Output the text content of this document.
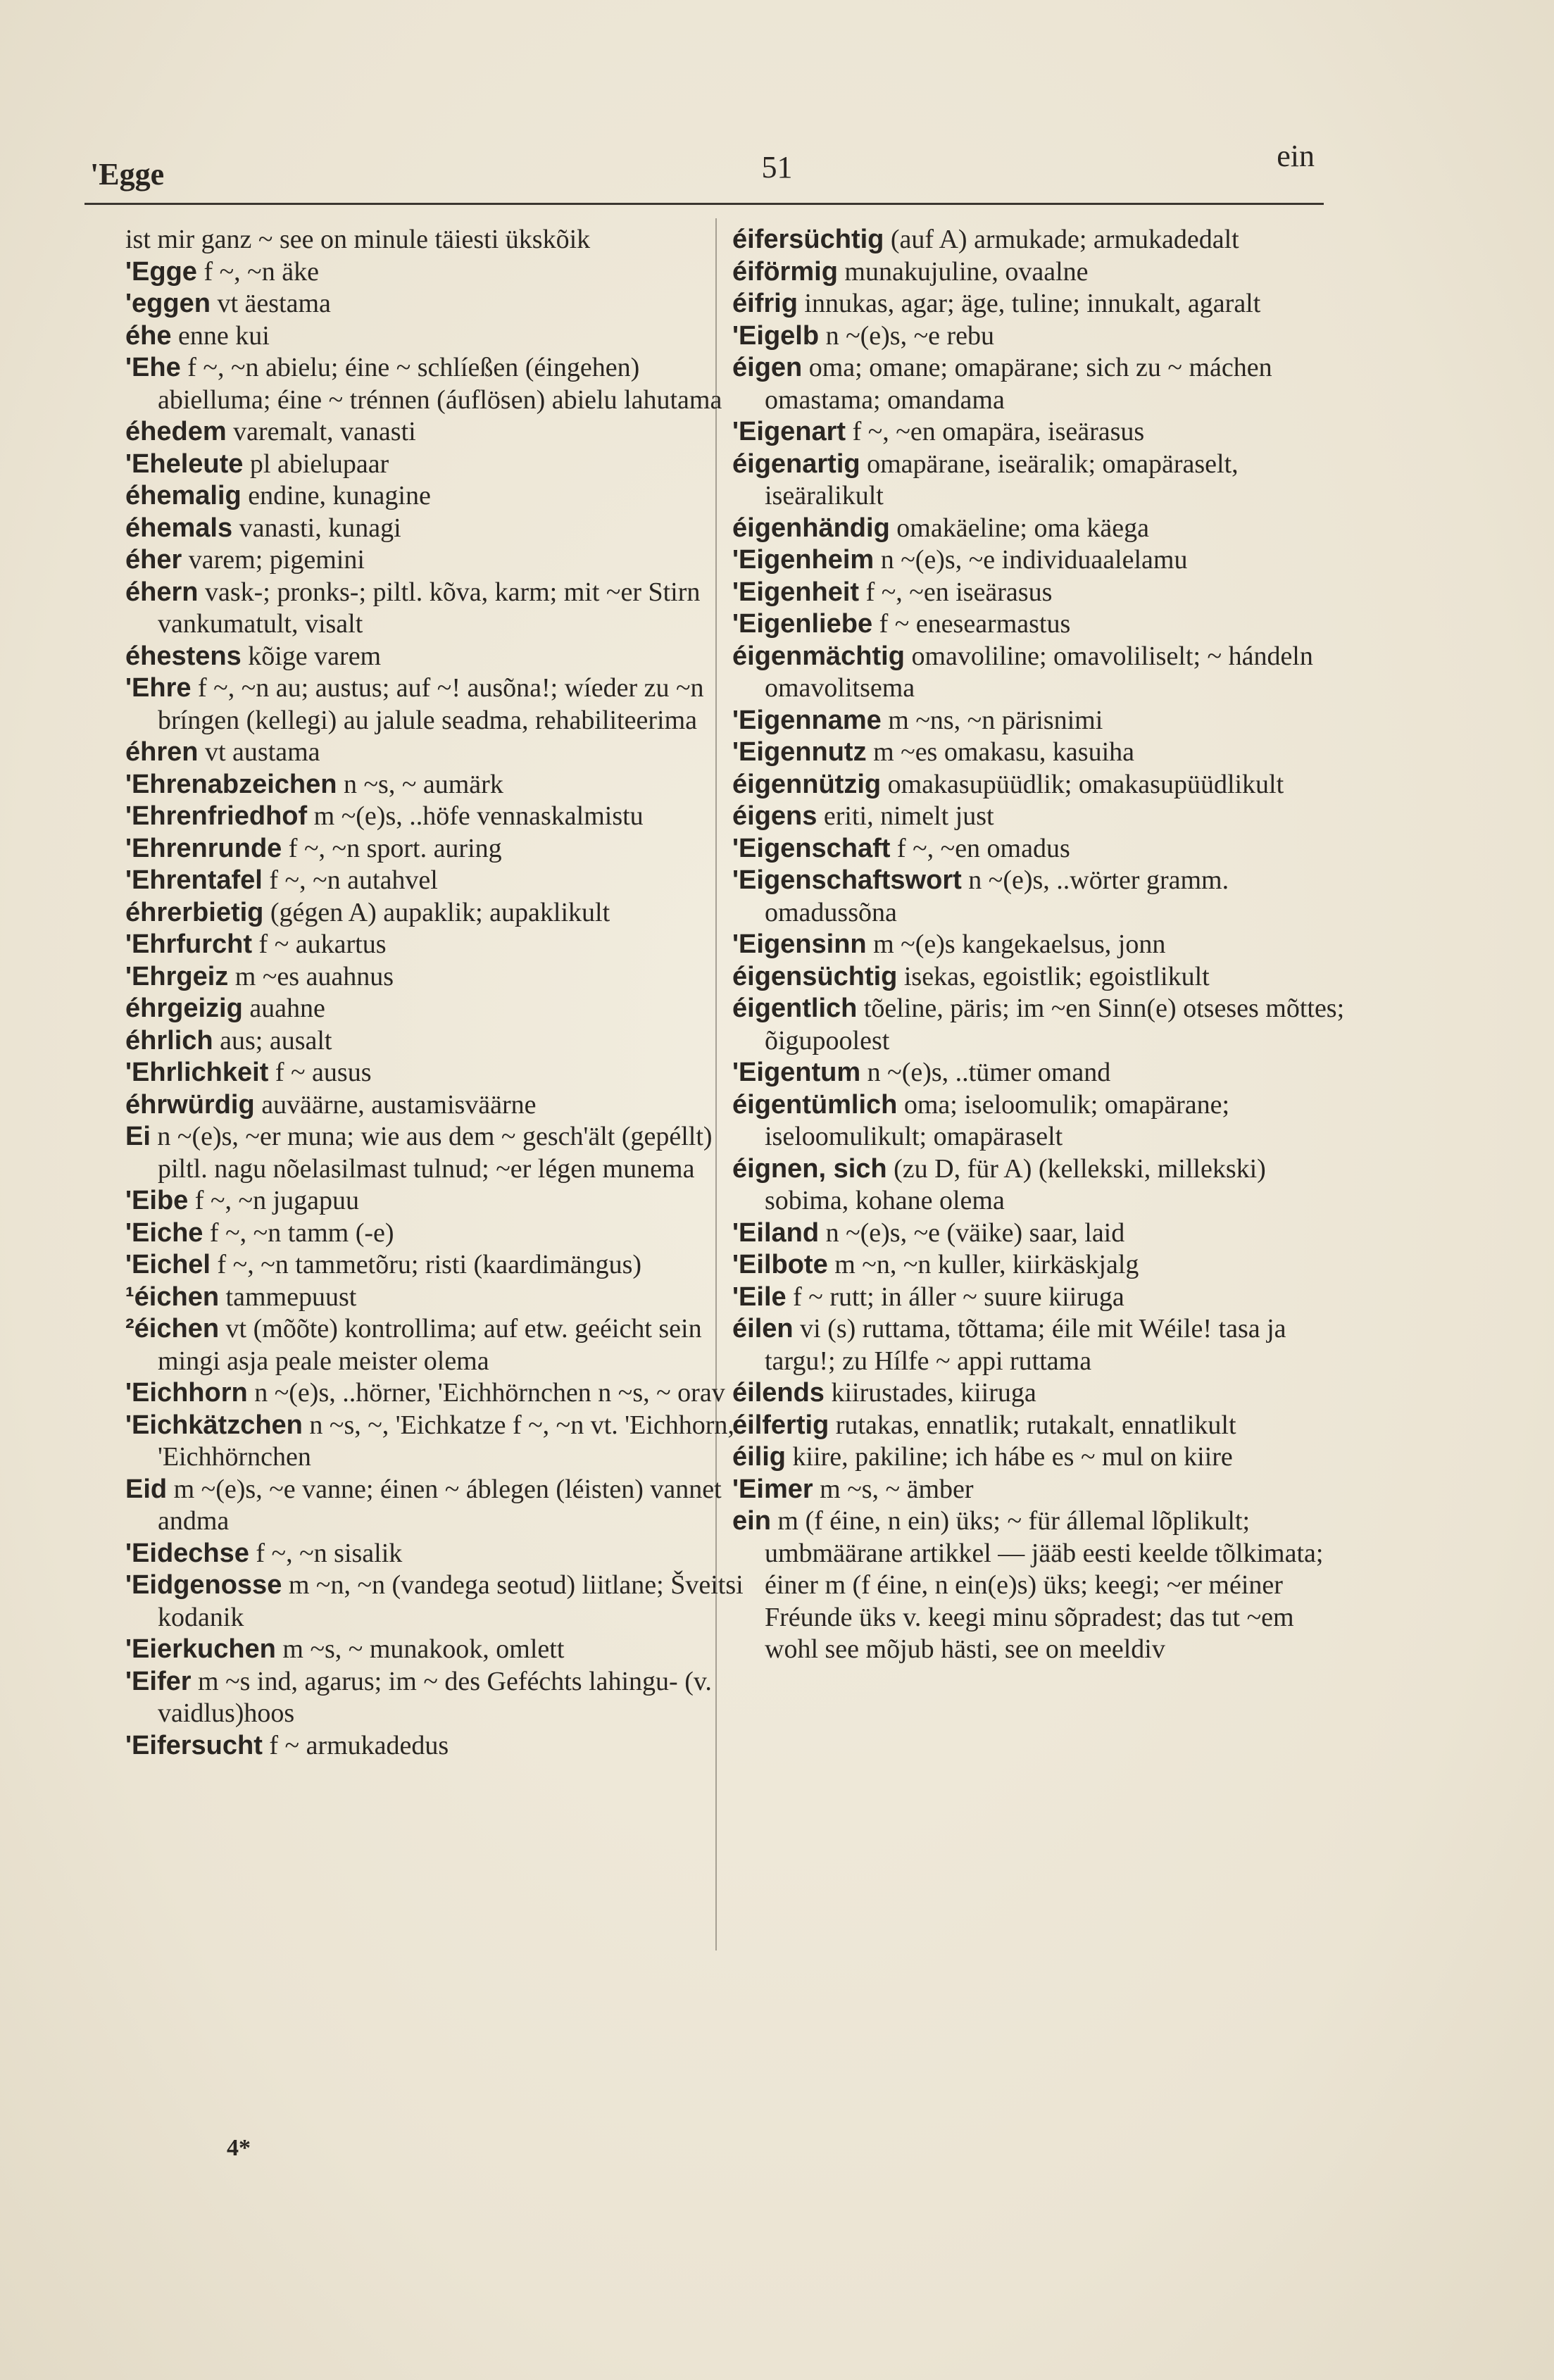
'Egge	51	ein

ist mir ganz ~ see on minule täiesti ükskõik

'Egge f ~, ~n äke

'eggen vt äestama

éhe enne kui

'Ehe f ~, ~n abielu; éine ~ schlíeßen (éingehen) abielluma; éine ~ trénnen (áuflösen) abielu lahutama

éhedem varemalt, vanasti

'Eheleute pl abielupaar

éhemalig endine, kunagine

éhemals vanasti, kunagi

éher varem; pigemini

éhern vask-; pronks-; piltl. kõva, karm; mit ~er Stirn vankumatult, visalt

éhestens kõige varem

'Ehre f ~, ~n au; austus; auf ~! ausõna!; wíeder zu ~n bríngen (kellegi) au jalule seadma, rehabiliteerima

éhren vt austama

'Ehrenabzeichen n ~s, ~ aumärk

'Ehrenfriedhof m ~(e)s, ..höfe vennaskalmistu

'Ehrenrunde f ~, ~n sport. auring

'Ehrentafel f ~, ~n autahvel

éhrerbietig (gégen A) aupaklik; aupaklikult

'Ehrfurcht f ~ aukartus

'Ehrgeiz m ~es auahnus

éhrgeizig auahne

éhrlich aus; ausalt

'Ehrlichkeit f ~ ausus

éhrwürdig auväärne, austamisväärne

Ei n ~(e)s, ~er muna; wie aus dem ~ gesch'ält (gepéllt) piltl. nagu nõelasilmast tulnud; ~er légen munema

'Eibe f ~, ~n jugapuu

'Eiche f ~, ~n tamm (-e)

'Eichel f ~, ~n tammetõru; risti (kaardimängus)

¹éichen tammepuust

²éichen vt (mõõte) kontrollima; auf etw. geéicht sein mingi asja peale meister olema

'Eichhorn n ~(e)s, ..hörner, 'Eichhörnchen n ~s, ~ orav

'Eichkätzchen n ~s, ~, 'Eichkatze f ~, ~n vt. 'Eichhorn, 'Eichhörnchen

Eid m ~(e)s, ~e vanne; éinen ~ áblegen (léisten) vannet andma

'Eidechse f ~, ~n sisalik

'Eidgenosse m ~n, ~n (vandega seotud) liitlane; Šveitsi kodanik

'Eierkuchen m ~s, ~ munakook, omlett

'Eifer m ~s ind, agarus; im ~ des Geféchts lahingu- (v. vaidlus)hoos

'Eifersucht f ~ armukadedus

éifersüchtig (auf A) armukade; armukadedalt

éiförmig munakujuline, ovaalne

éifrig innukas, agar; äge, tuline; innukalt, agaralt

'Eigelb n ~(e)s, ~e rebu

éigen oma; omane; omapärane; sich zu ~ máchen omastama; omandama

'Eigenart f ~, ~en omapära, iseärasus

éigenartig omapärane, iseäralik; omapäraselt, iseäralikult

éigenhändig omakäeline; oma käega

'Eigenheim n ~(e)s, ~e individuaalelamu

'Eigenheit f ~, ~en iseärasus

'Eigenliebe f ~ enesearmastus

éigenmächtig omavoliline; omavoliliselt; ~ hándeln omavolitsema

'Eigenname m ~ns, ~n pärisnimi

'Eigennutz m ~es omakasu, kasuiha

éigennützig omakasupüüdlik; omakasupüüdlikult

éigens eriti, nimelt just

'Eigenschaft f ~, ~en omadus

'Eigenschaftswort n ~(e)s, ..wörter gramm. omadussõna

'Eigensinn m ~(e)s kangekaelsus, jonn

éigensüchtig isekas, egoistlik; egoistlikult

éigentlich tõeline, päris; im ~en Sinn(e) otseses mõttes; õigupoolest

'Eigentum n ~(e)s, ..tümer omand

éigentümlich oma; iseloomulik; omapärane; iseloomulikult; omapäraselt

éignen, sich (zu D, für A) (kellekski, millekski) sobima, kohane olema

'Eiland n ~(e)s, ~e (väike) saar, laid

'Eilbote m ~n, ~n kuller, kiirkäskjalg

'Eile f ~ rutt; in áller ~ suure kiiruga

éilen vi (s) ruttama, tõttama; éile mit Wéile! tasa ja targu!; zu Hílfe ~ appi ruttama

éilends kiirustades, kiiruga

éilfertig rutakas, ennatlik; rutakalt, ennatlikult

éilig kiire, pakiline; ich hábe es ~ mul on kiire

'Eimer m ~s, ~ ämber

ein m (f éine, n ein) üks; ~ für állemal lõplikult; umbmäärane artikkel — jääb eesti keelde tõlkimata; éiner m (f éine, n ein(e)s) üks; keegi; ~er méiner Fréunde üks v. keegi minu sõpradest; das tut ~em wohl see mõjub hästi, see on meeldiv

4*
